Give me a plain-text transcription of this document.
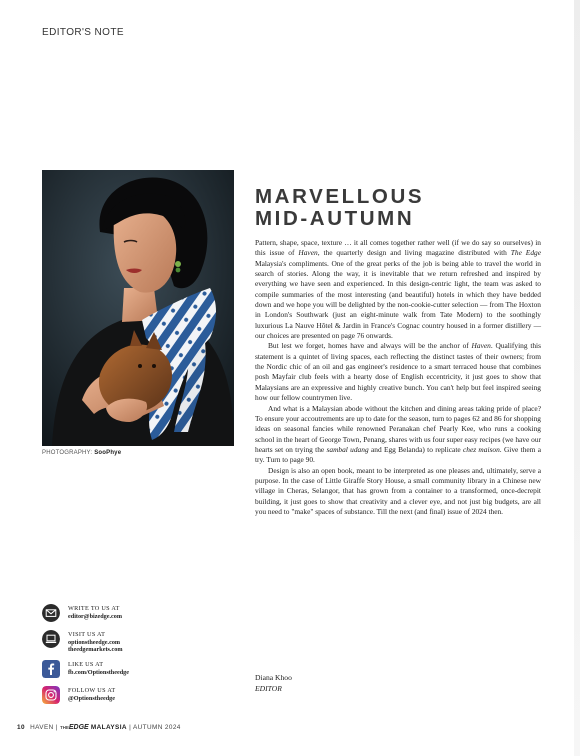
EDITOR'S NOTE
PHOTOGRAPHY: SooPhye
MARVELLOUS
MID-AUTUMN

Pattern, shape, space, texture … it all comes together rather well (if we do say so ourselves) in this issue of Haven, the quarterly design and living magazine distributed with The Edge Malaysia's compliments. One of the great perks of the job is being able to travel the world in search of stories. Along the way, it is inevitable that we return refreshed and inspired by everything we have seen and experienced. In this design-centric light, the team was asked to compile summaries of the most interesting (and beautiful) hotels in which they have bedded down and we hope you will be delighted by the non-cookie-cutter selection — from The Hoxton in London's Southwark (just an eight-minute walk from Tate Modern) to the soothingly luxurious La Nauve Hôtel & Jardin in France's Cognac country housed in a former distillery — our choices are presented on page 76 onwards.

But lest we forget, homes have and always will be the anchor of Haven. Qualifying this statement is a quintet of living spaces, each reflecting the distinct tastes of their owners; from the Nordic chic of an oil and gas engineer's residence to a smart terraced house that combines posh Mayfair club feels with a hearty dose of English eccentricity, it just goes to show that Malaysians are an expressive and highly creative bunch. You can't help but feel inspired seeing how our fellow countrymen live.

And what is a Malaysian abode without the kitchen and dining areas taking pride of place? To ensure your accoutrements are up to date for the season, turn to pages 62 and 86 for shopping ideas on seasonal fancies while renowned Peranakan chef Pearly Kee, who runs a cooking school in the heart of George Town, Penang, shares with us four super easy recipes (we have our hearts set on trying the sambal udang and Egg Belanda) to replicate chez maison. Give them a try. Turn to page 90.

Design is also an open book, meant to be interpreted as one pleases and, ultimately, serve a purpose. In the case of Little Giraffe Story House, a small community library in a Chinese new village in Cheras, Selangor, that has grown from a container to a transformed, once-decrepit building, it just goes to show that creativity and a clever eye, and not just big budgets, are all you need to "make" spaces of substance. Till the next (and final) issue of 2024 then.

Diana Khoo
EDITOR
WRITE TO US AT
editor@bizedge.com
VISIT US AT
optionstheedge.com
theedgemarkets.com
LIKE US AT
fb.com/Optionstheedge
FOLLOW US AT
@Optionstheedge
10 HAVEN | THEEDGE MALAYSIA | AUTUMN 2024
